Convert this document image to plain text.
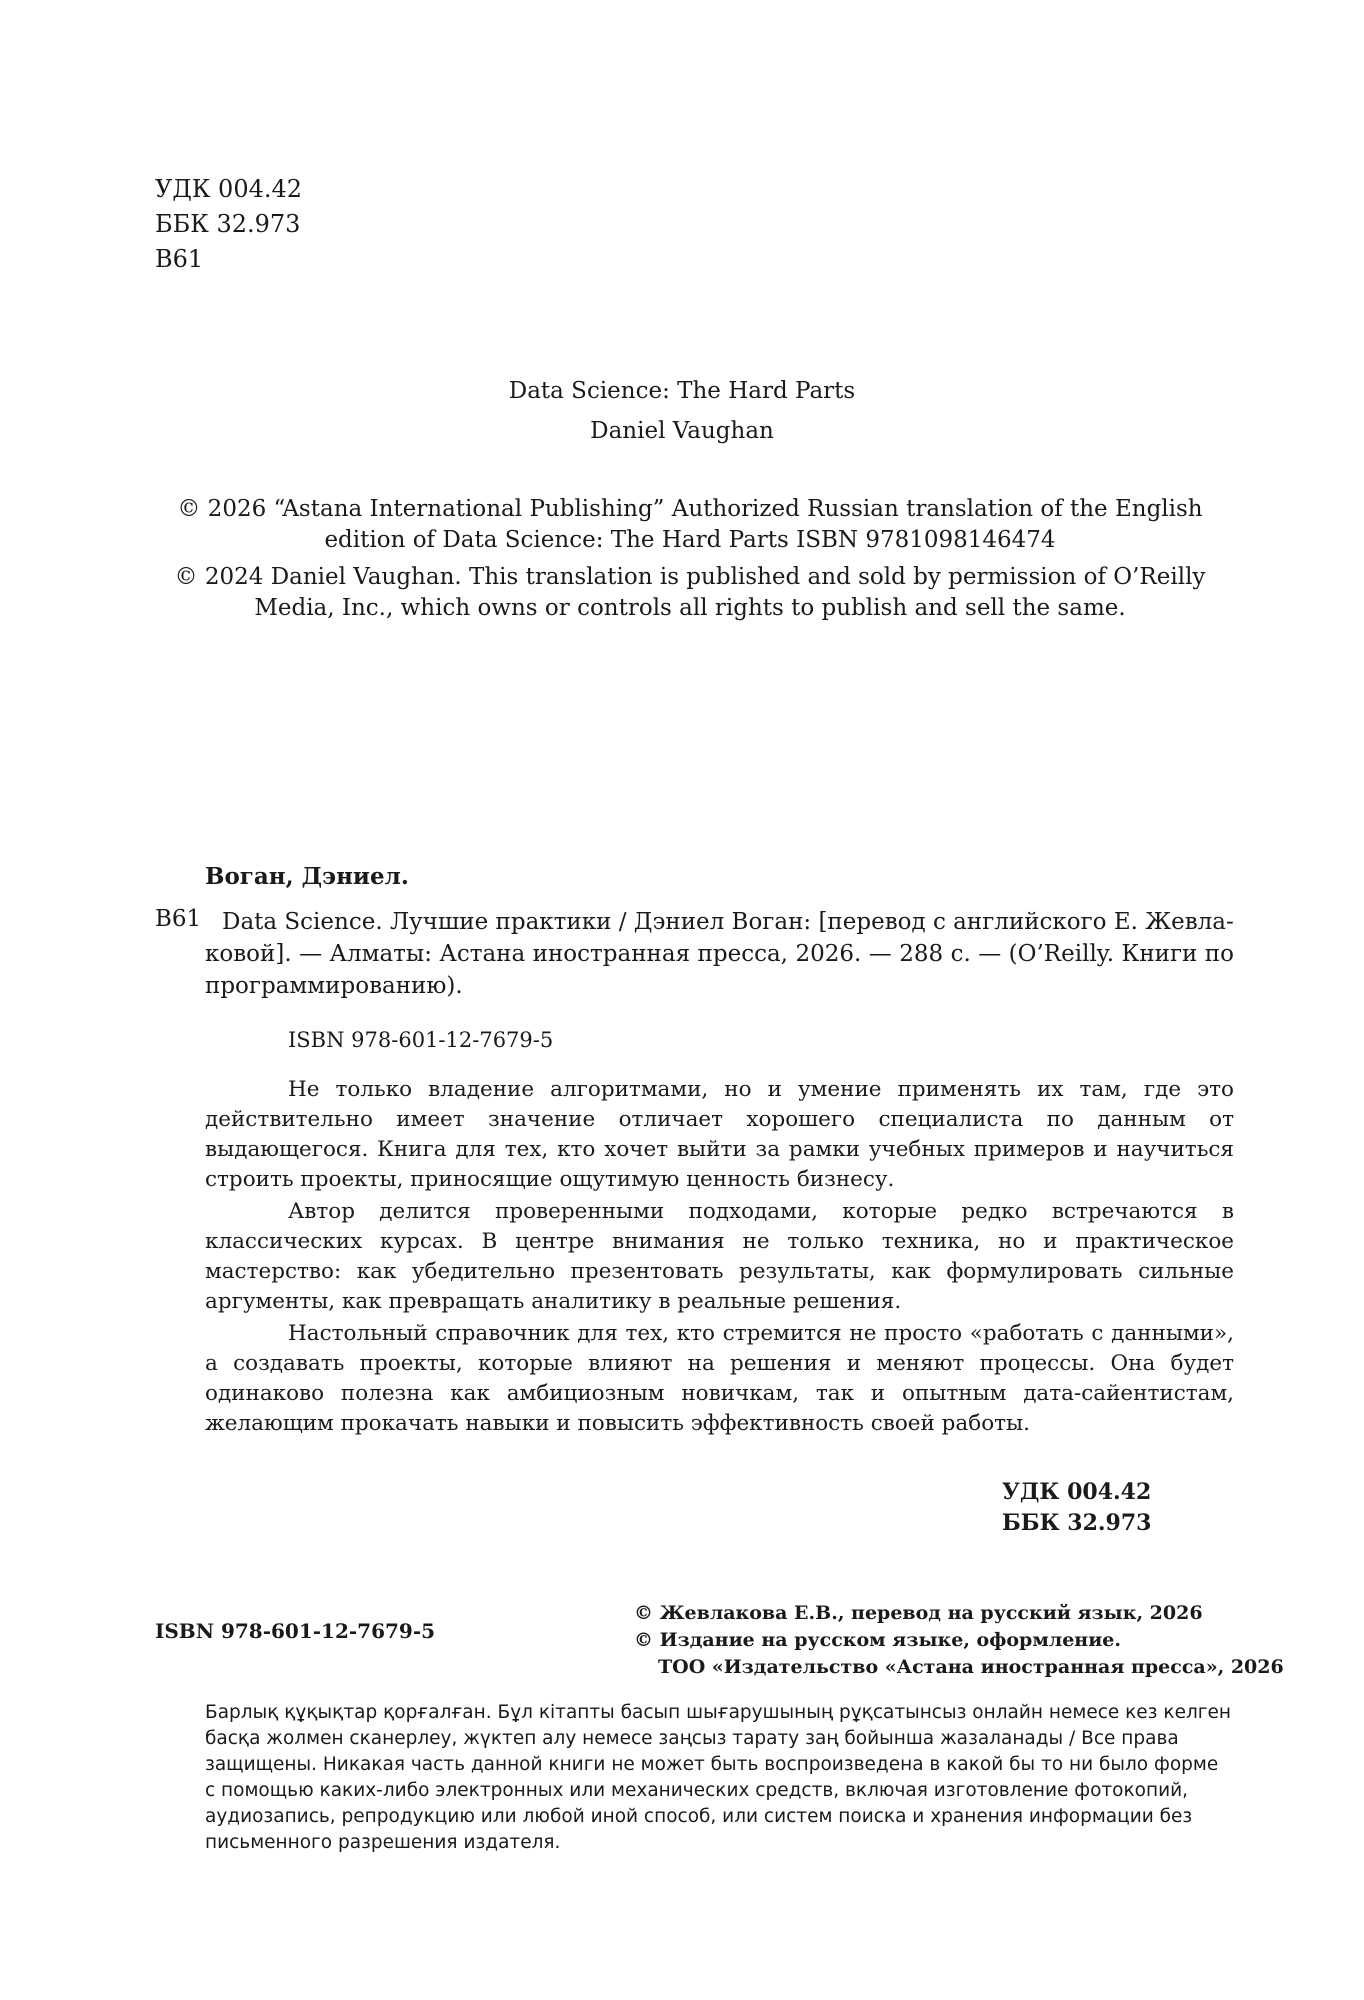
УДК 004.42
ББК 32.973
В61
Data Science: The Hard Parts
Daniel Vaughan
© 2026 “Astana International Publishing” Authorized Russian translation of the English edition of Data Science: The Hard Parts ISBN 9781098146474
© 2024 Daniel Vaughan. This translation is published and sold by permission of O’Reilly Media, Inc., which owns or controls all rights to publish and sell the same.
Воган, Дэниел.
В61 Data Science. Лучшие практики / Дэниел Воган: [перевод с английского Е. Жевла-
ковой]. — Алматы: Астана иностранная пресса, 2026. — 288 с. — (O’Reilly. Книги по программированию).
ISBN 978-601-12-7679-5

Не только владение алгоритмами, но и умение применять их там, где это действительно имеет значение отличает хорошего специалиста по данным от выдающегося. Книга для тех, кто хочет выйти за рамки учебных примеров и научиться строить проекты, приносящие ощутимую ценность бизнесу.

Автор делится проверенными подходами, которые редко встречаются в классических курсах. В центре внимания не только техника, но и практическое мастерство: как убедительно презентовать результаты, как формулировать сильные аргументы, как превращать аналитику в реальные решения.

Настольный справочник для тех, кто стремится не просто «работать с данными», а создавать проекты, которые влияют на решения и меняют процессы. Она будет одинаково полезна как амбициозным новичкам, так и опытным дата-сайентистам, желающим прокачать навыки и повысить эффективность своей работы.

УДК 004.42
ББК 32.973
ISBN 978-601-12-7679-5
© Жевлакова Е.В., перевод на русский язык, 2026
© Издание на русском языке, оформление.
ТОО «Издательство «Астана иностранная пресса», 2026
Барлық құқықтар қорғалған. Бұл кітапты басып шығарушының рұқсатынсыз онлайн немесе кез келген басқа жолмен сканерлеу, жүктеп алу немесе заңсыз тарату заң бойынша жазаланады / Все права защищены. Никакая часть данной книги не может быть воспроизведена в какой бы то ни было форме с помощью каких-либо электронных или механических средств, включая изготовление фотокопий, аудиозапись, репродукцию или любой иной способ, или систем поиска и хранения информации без письменного разрешения издателя.
